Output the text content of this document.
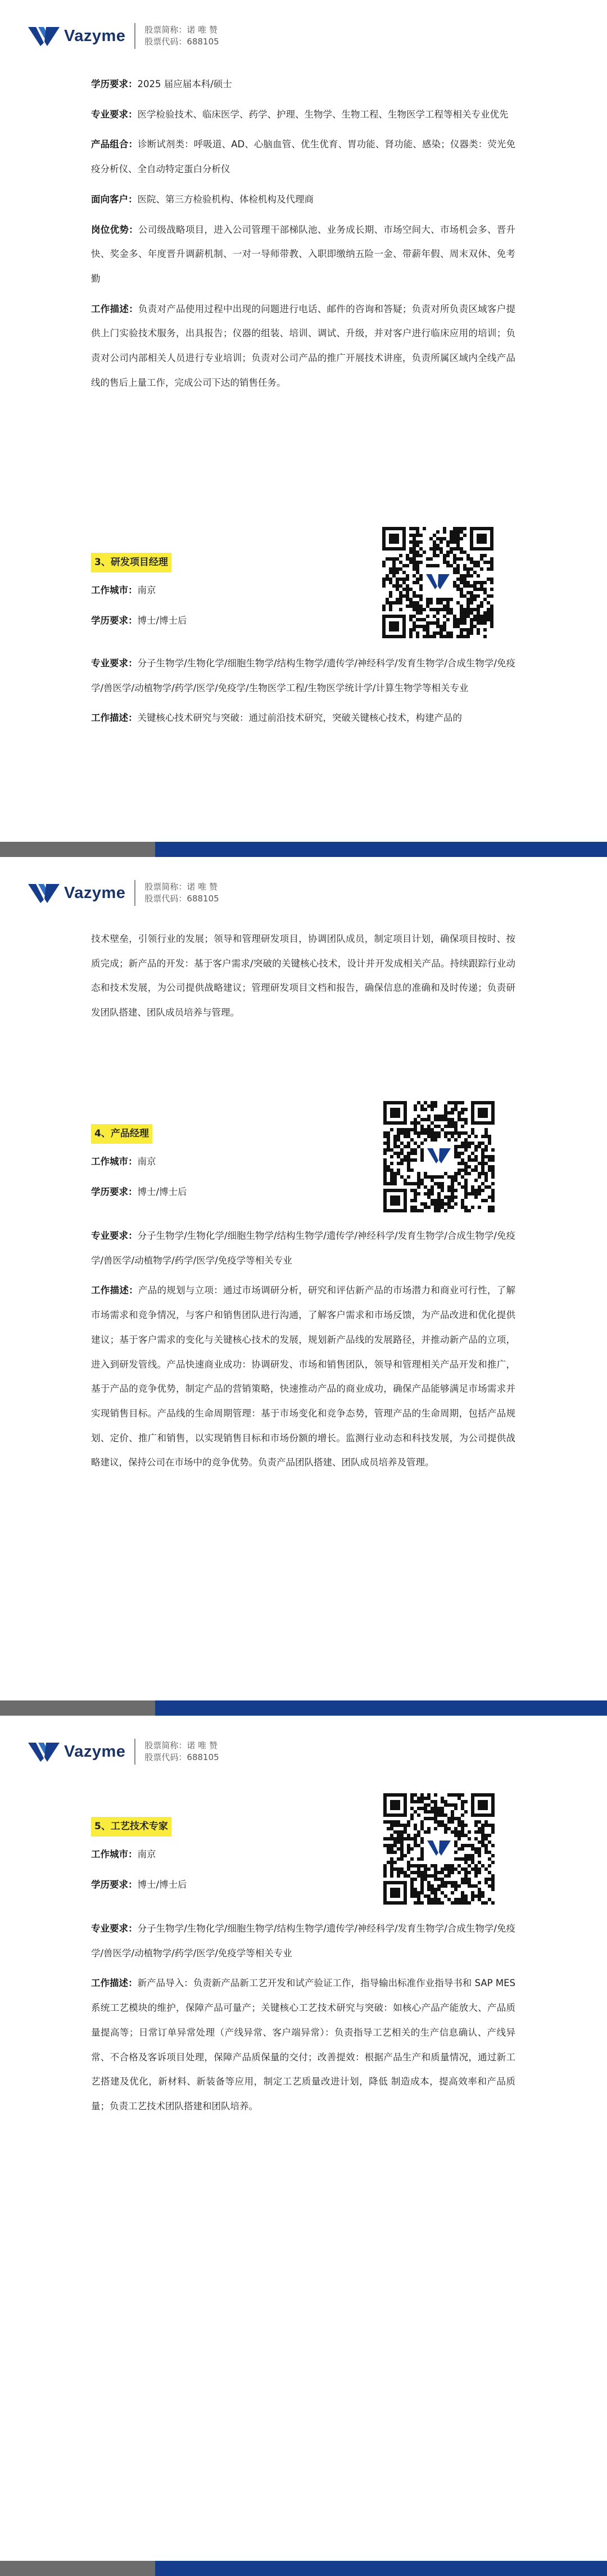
Vazyme 股票简称：诺 唯 赞
股票代码：688105

学历要求：2025 届应届本科/硕士

专业要求：医学检验技术、临床医学、药学、护理、生物学、生物工程、生物医学工程等相关专业优先

产品组合：诊断试剂类：呼吸道、AD、心脑血管、优生优育、胃功能、肾功能、感染；仪器类：荧光免疫分析仪、全自动特定蛋白分析仪

面向客户：医院、第三方检验机构、体检机构及代理商

岗位优势：公司级战略项目，进入公司管理干部梯队池、业务成长期、市场空间大、市场机会多、晋升快、奖金多、年度晋升调薪机制、一对一导师带教、入职即缴纳五险一金、带薪年假、周末双休、免考勤

工作描述：负责对产品使用过程中出现的问题进行电话、邮件的咨询和答疑；负责对所负责区域客户提供上门实验技术服务，出具报告；仪器的组装、培训、调试、升级，并对客户进行临床应用的培训；负责对公司内部相关人员进行专业培训；负责对公司产品的推广开展技术讲座，负责所属区域内全线产品线的售后上量工作，完成公司下达的销售任务。

3、研发项目经理

工作城市：南京

学历要求：博士/博士后

专业要求：分子生物学/生物化学/细胞生物学/结构生物学/遗传学/神经科学/发育生物学/合成生物学/免疫学/兽医学/动植物学/药学/医学/免疫学/生物医学工程/生物医学统计学/计算生物学等相关专业

工作描述：关键核心技术研究与突破：通过前沿技术研究，突破关键核心技术，构建产品的

Vazyme 股票简称：诺 唯 赞
股票代码：688105

技术壁垒，引领行业的发展；领导和管理研发项目，协调团队成员，制定项目计划，确保项目按时、按质完成；新产品的开发：基于客户需求/突破的关键核心技术，设计并开发成相关产品。持续跟踪行业动态和技术发展，为公司提供战略建议；管理研发项目文档和报告，确保信息的准确和及时传递；负责研发团队搭建、团队成员培养与管理。

4、产品经理

工作城市：南京

学历要求：博士/博士后

专业要求：分子生物学/生物化学/细胞生物学/结构生物学/遗传学/神经科学/发育生物学/合成生物学/免疫学/兽医学/动植物学/药学/医学/免疫学等相关专业

工作描述：产品的规划与立项：通过市场调研分析，研究和评估新产品的市场潜力和商业可行性，了解市场需求和竞争情况，与客户和销售团队进行沟通，了解客户需求和市场反馈，为产品改进和优化提供建议；基于客户需求的变化与关键核心技术的发展，规划新产品线的发展路径，并推动新产品的立项，进入到研发管线。产品快速商业成功：协调研发、市场和销售团队，领导和管理相关产品开发和推广，基于产品的竞争优势，制定产品的营销策略，快速推动产品的商业成功，确保产品能够满足市场需求并实现销售目标。产品线的生命周期管理：基于市场变化和竞争态势，管理产品的生命周期，包括产品规划、定价、推广和销售，以实现销售目标和市场份额的增长。监测行业动态和科技发展，为公司提供战略建议，保持公司在市场中的竞争优势。负责产品团队搭建、团队成员培养及管理。

Vazyme 股票简称：诺 唯 赞
股票代码：688105
5、工艺技术专家

工作城市：南京

学历要求：博士/博士后

专业要求：分子生物学/生物化学/细胞生物学/结构生物学/遗传学/神经科学/发育生物学/合成生物学/免疫学/兽医学/动植物学/药学/医学/免疫学等相关专业

工作描述：新产品导入：负责新产品新工艺开发和试产验证工作，指导输出标准作业指导书和 SAP MES 系统工艺模块的维护，保障产品可量产；关键核心工艺技术研究与突破：如核心产品产能放大、产品质量提高等；日常订单异常处理（产线异常、客户端异常）：负责指导工艺相关的生产信息确认、产线异常、不合格及客诉项目处理，保障产品质保量的交付；改善提效：根据产品生产和质量情况，通过新工艺搭建及优化，新材料、新装备等应用，制定工艺质量改进计划，降低 制造成本，提高效率和产品质量；负责工艺技术团队搭建和团队培养。
